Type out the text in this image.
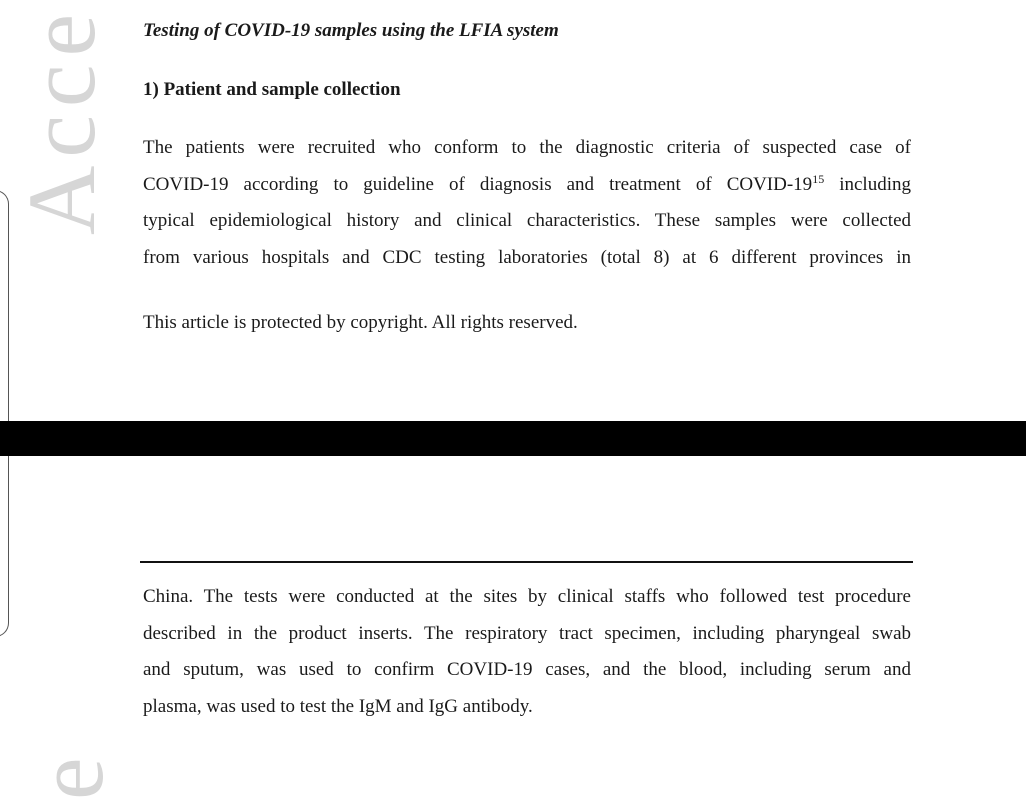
Acce
e

Testing of COVID-19 samples using the LFIA system

1) Patient and sample collection

The patients were recruited who conform to the diagnostic criteria of suspected case of
COVID-19 according to guideline of diagnosis and treatment of COVID-$19^{15}$ including
typical epidemiological history and clinical characteristics. These samples were collected
from various hospitals and CDC testing laboratories (total 8) at 6 different provinces in

This article is protected by copyright. All rights reserved.

China. The tests were conducted at the sites by clinical staffs who followed test procedure
described in the product inserts. The respiratory tract specimen, including pharyngeal swab
and sputum, was used to confirm COVID-19 cases, and the blood, including serum and
plasma, was used to test the IgM and IgG antibody.
